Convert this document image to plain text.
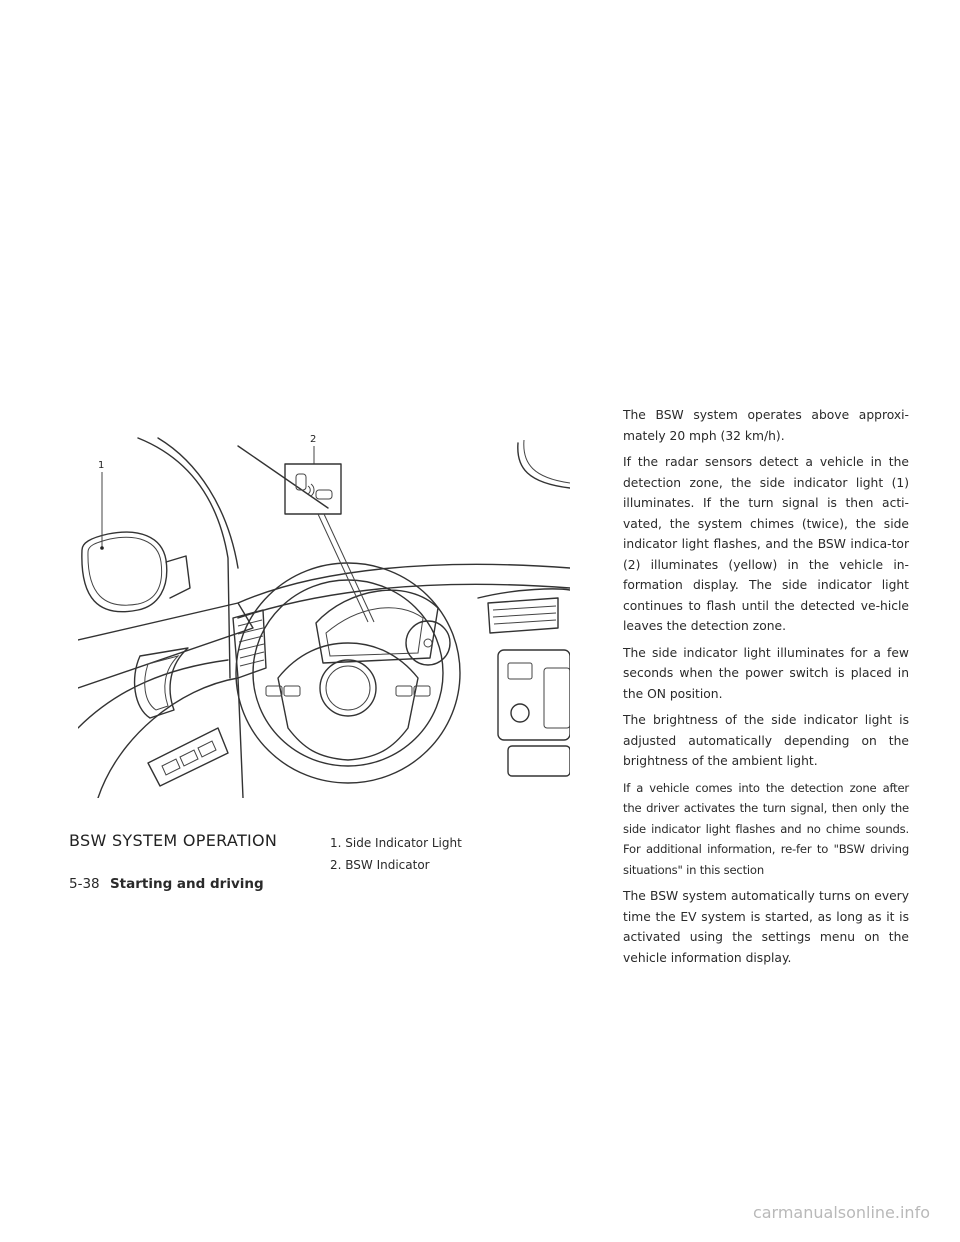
1
2
BSW SYSTEM OPERATION	1. Side Indicator Light
2. BSW Indicator
5-38 Starting and driving

The BSW system operates above approxi-mately 20 mph (32 km/h).

If the radar sensors detect a vehicle in the detection zone, the side indicator light (1) illuminates. If the turn signal is then acti-vated, the system chimes (twice), the side indicator light flashes, and the BSW indica-tor (2) illuminates (yellow) in the vehicle in-formation display. The side indicator light continues to flash until the detected ve-hicle leaves the detection zone.

The side indicator light illuminates for a few seconds when the power switch is placed in the ON position.

The brightness of the side indicator light is adjusted automatically depending on the brightness of the ambient light.

If a vehicle comes into the detection zone after the driver activates the turn signal, then only the side indicator light flashes and no chime sounds. For additional information, re-fer to "BSW driving situations" in this section

The BSW system automatically turns on every time the EV system is started, as long as it is activated using the settings menu on the vehicle information display.

carmanualsonline.info
